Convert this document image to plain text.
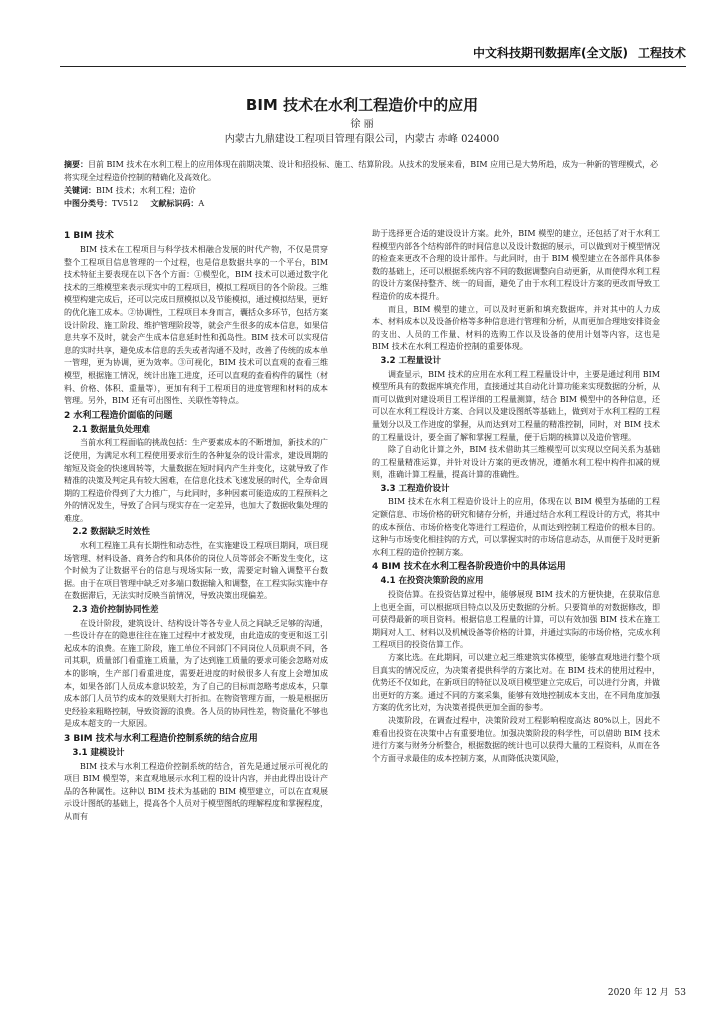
中文科技期刊数据库(全文版) 工程技术
BIM 技术在水利工程造价中的应用
徐 丽
内蒙古九鼎建设工程项目管理有限公司，内蒙古 赤峰 024000
摘要：目前 BIM 技术在水利工程上的应用体现在前期决策、设计和招投标、施工、结算阶段。从技术的发展来看，BIM 应用已是大势所趋，成为一种新的管理模式，必将实现全过程造价控制的精确化及高效化。
关键词：BIM 技术；水利工程；造价
中图分类号：TV512 文献标识码：A
1 BIM 技术

BIM 技术在工程项目与科学技术相融合发展的时代产物，不仅是贯穿整个工程项目信息管理的一个过程，也是信息数据共享的一个平台，BIM 技术特征主要表现在以下各个方面：①模型化，BIM 技术可以通过数字化技术的三维模型来表示现实中的工程项目，模拟工程项目的各个阶段。三维模型构建完成后，还可以完成日照模拟以及节能模拟，通过模拟结果，更好的优化施工成本。②协调性，工程项目本身而言，囊括众多环节，包括方案设计阶段、施工阶段、维护管理阶段等，就会产生很多的成本信息，如果信息共享不及时，就会产生成本信息延时性和孤岛性。BIM 技术可以实现信息的实时共享，避免成本信息的丢失或者沟通不及时，改善了传统的成本单一管理，更为协调，更为效率。③可视化，BIM 技术可以直观的查看三维模型，根据施工情况，统计出施工进度，还可以直观的查看构件的属性（材料、价格、体积、重量等），更加有利于工程项目的进度管理和材料的成本管理。另外，BIM 还有可出图性、关联性等特点。

2 水利工程造价面临的问题
2.1 数据量负处理难

当前水利工程面临的挑战包括：生产要素成本的不断增加，新技术的广泛使用，为满足水利工程使用要求衍生的各种复杂的设计需求，建设周期的缩短及资金的快速周转等，大量数据在短时间内产生并变化，这就导致了作精准的决策及判定具有较大困难，在信息化技术飞速发展的时代，全寿命周期的工程造价得到了大力推广，与此同时，多种因素可能造成的工程预料之外的情况发生，导致了合同与现实存在一定差异，也加大了数据收集处理的难度。

2.2 数据缺乏时效性

水利工程施工具有长期性和动态性，在实施建设工程项目期间，项目现场管理、材料设备、商务合约和具体价的岗位人员等部会不断发生变化，这个时候为了让数据平台的信息与现场实际一致，需要定时输入调整平台数据。由于在项目管理中缺乏对多端口数据输入和调整，在工程实际实施中存在数据滞后，无法实时反映当前情况，导致决策出现偏差。

2.3 造价控制协同性差

在设计阶段，建筑设计、结构设计等各专业人员之间缺乏足够的沟通，一些设计存在的隐患往往在施工过程中才被发现，由此造成的变更和返工引起成本的浪费。在施工阶段，施工单位不同部门不同岗位人员职责不同，各司其职，质量部门看重施工质量，为了达到施工质量的要求可能会忽略对成本的影响，生产部门看重进度，需要赶进度的时候很多人有度上会增加成本，如果各部门人员成本意识较差，为了自己的目标而忽略考虑成本，只靠成本部门人员节约成本的效果则大打折扣。在物资管理方面，一般是根据历史经验来粗略控制，导致资源的浪费。各人员的协同性差，物资量化不够也是成本超支的一大原因。

3 BIM 技术与水利工程造价控制系统的结合应用
3.1 建模设计

BIM 技术与水利工程造价控制系统的结合，首先是通过展示可视化的项目 BIM 模型等，来直观地展示水利工程的设计内容，并由此得出设计产品的各种属性。这种以 BIM 技术为基础的 BIM 模型建立，可以在直观展示设计图纸的基础上，提高各个人员对于模型图纸的理解程度和掌握程度，从而有

助于选择更合适的建设设计方案。此外，BIM 模型的建立，还包括了对于水利工程模型内部各个结构部件的时间信息以及设计数据的展示，可以做到对于模型情况的检查来更改不合理的设计部件。与此同时，由于 BIM 模型建立在各部件具体参数的基础上，还可以根据系统内容不同的数据调整向自动更新，从而使得水利工程的设计方案保持整齐、统一的局面，避免了由于水利工程设计方案的更改而导致工程造价的成本提升。

而且，BIM 模型的建立，可以及时更新和填充数据库，并对其中的人力成本、材料成本以及设备价格等多种信息进行管理和分析，从而更加合理地安排资金的支出、人员的工作量、材料的选购工作以及设备的使用计划等内容，这也是 BIM 技术在水利工程造价控制的重要体现。

3.2 工程量设计

调查显示，BIM 技术的应用在水利工程工程量设计中，主要是通过利用 BIM 模型所具有的数据库填充作用，直接通过其自动化计算功能来实现数据的分析，从而可以做到对建设项目工程详细的工程量测算，结合 BIM 模型中的各种信息，还可以在水利工程设计方案、合同以及建设图纸等基础上，做到对于水利工程的工程量划分以及工作进度的掌握，从而达到对工程量的精准控制，同时，对 BIM 技术的工程量设计，要全面了解和掌握工程量，便于后期的核算以及造价管理。

除了自动化计算之外，BIM 技术借助其三维模型可以实现以空间关系为基础的工程量精准运算，并针对设计方案的更改情况，遵循水利工程中构件扣减的规则，准确计算工程量，提高计算的准确性。

3.3 工程造价设计

BIM 技术在水利工程造价设计上的应用，体现在以 BIM 模型为基础的工程定额信息、市场价格的研究和储存分析，并通过结合水利工程设计的方式，将其中的成本预估、市场价格变化等进行工程造价，从而达到控制工程造价的根本目的。这种与市场变化相挂钩的方式，可以掌握实时的市场信息动态，从而便于及时更新水利工程的造价控制方案。

4 BIM 技术在水利工程各阶段造价中的具体运用
4.1 在投资决策阶段的应用

投资估算。在投资估算过程中，能够展现 BIM 技术的方便快捷，在获取信息上也更全面，可以根据项目特点以及历史数据的分析。只要简单的对数据修改，即可获得最新的项目资料。根据信息工程量的计算，可以有效加强 BIM 技术在施工期间对人工、材料以及机械设备等价格的计算，并通过实际的市场价格，完成水利工程项目的投资估算工作。

方案比选。在此期间，可以建立起三维建筑实体模型，能够直观地进行整个项目真实的情况反应，为决策者提供科学的方案比对。在 BIM 技术的使用过程中，优势还不仅如此，在新项目的特征以及项目模型建立完成后，可以进行分离，并做出更好的方案。通过不同的方案采集，能够有效地控制成本支出，在不同角度加强方案的优劣比对，为决策者提供更加全面的参考。

决策阶段，在调查过程中，决策阶段对工程影响程度高达 80%以上，因此不难看出投资在决策中占有重要地位。加强决策阶段的科学性，可以借助 BIM 技术进行方案与财务分析整合，根据数据的统计也可以获得大量的工程资料，从而在各个方面寻求最佳的成本控制方案，从而降低决策风险，

2020 年 12 月 53
